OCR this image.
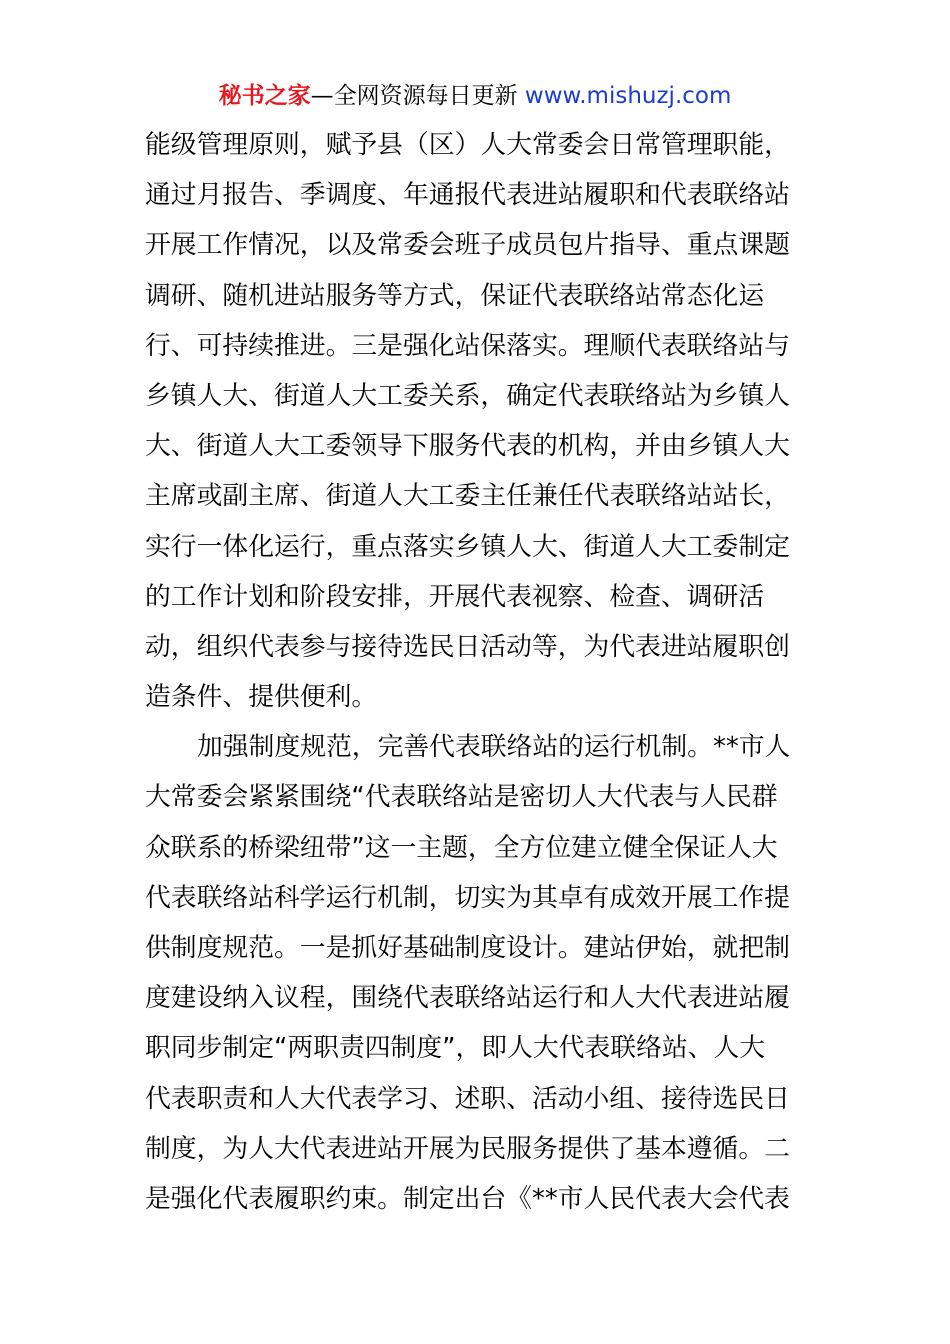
秘书之家—全网资源每日更新 www.mishuzj.com
能级管理原则，赋予县（区）人大常委会日常管理职能，
通过月报告、季调度、年通报代表进站履职和代表联络站
开展工作情况，以及常委会班子成员包片指导、重点课题
调研、随机进站服务等方式，保证代表联络站常态化运
行、可持续推进。三是强化站保落实。理顺代表联络站与
乡镇人大、街道人大工委关系，确定代表联络站为乡镇人
大、街道人大工委领导下服务代表的机构，并由乡镇人大
主席或副主席、街道人大工委主任兼任代表联络站站长，
实行一体化运行，重点落实乡镇人大、街道人大工委制定
的工作计划和阶段安排，开展代表视察、检查、调研活
动，组织代表参与接待选民日活动等，为代表进站履职创
造条件、提供便利。
加强制度规范，完善代表联络站的运行机制。**市人
大常委会紧紧围绕“代表联络站是密切人大代表与人民群
众联系的桥梁纽带”这一主题，全方位建立健全保证人大
代表联络站科学运行机制，切实为其卓有成效开展工作提
供制度规范。一是抓好基础制度设计。建站伊始，就把制
度建设纳入议程，围绕代表联络站运行和人大代表进站履
职同步制定“两职责四制度”，即人大代表联络站、人大
代表职责和人大代表学习、述职、活动小组、接待选民日
制度，为人大代表进站开展为民服务提供了基本遵循。二
是强化代表履职约束。制定出台《**市人民代表大会代表
